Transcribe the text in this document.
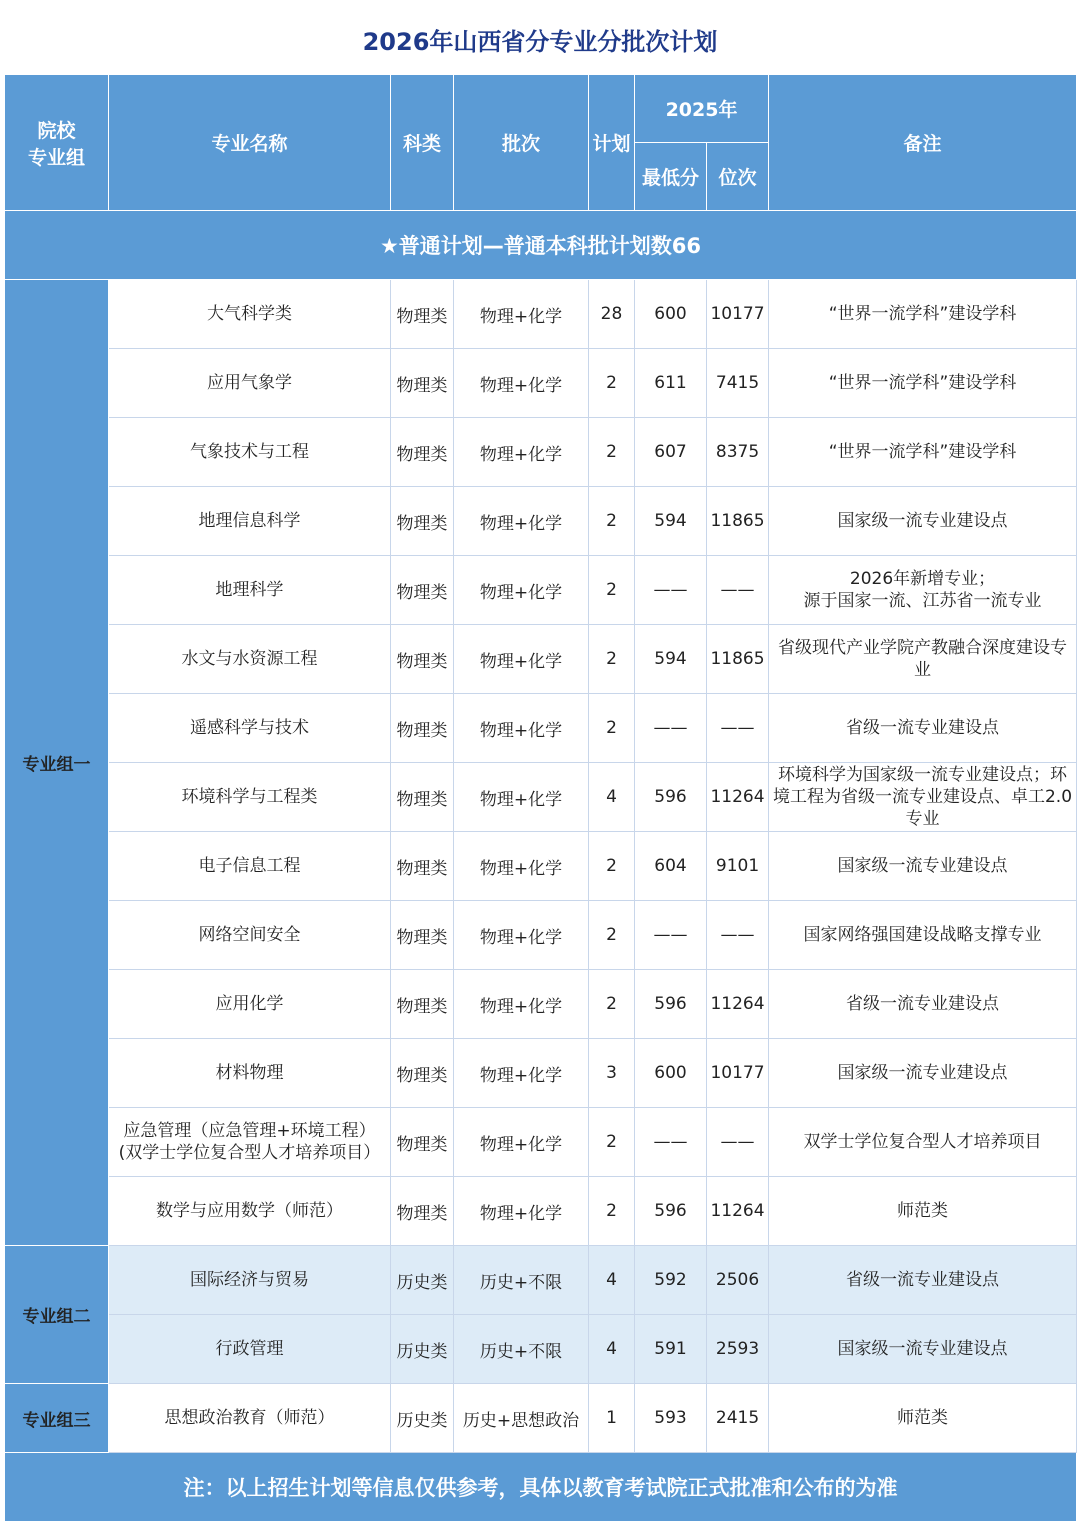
2026年山西省分专业分批次计划
院校
专业组	专业名称	科类	批次	计划	2025年		备注
					最低分	位次	
★普通计划—普通本科批计划数66							
专业组一	大气科学类	物理类	物理+化学	28	600	10177	“世界一流学科”建设学科

	应用气象学	物理类	物理+化学	2	611	7415	“世界一流学科”建设学科

	气象技术与工程	物理类	物理+化学	2	607	8375	“世界一流学科”建设学科

	地理信息科学	物理类	物理+化学	2	594	11865	国家级一流专业建设点

	地理科学	物理类	物理+化学	2	——	——	2026年新增专业；
源于国家一流、江苏省一流专业

	水文与水资源工程	物理类	物理+化学	2	594	11865	省级现代产业学院产教融合深度建设专
业

	遥感科学与技术	物理类	物理+化学	2	——	——	省级一流专业建设点

	环境科学与工程类	物理类	物理+化学	4	596	11264	环境科学为国家级一流专业建设点；环
境工程为省级一流专业建设点、卓工2.0
专业

	电子信息工程	物理类	物理+化学	2	604	9101	国家级一流专业建设点

	网络空间安全	物理类	物理+化学	2	——	——	国家网络强国建设战略支撑专业

	应用化学	物理类	物理+化学	2	596	11264	省级一流专业建设点

	材料物理	物理类	物理+化学	3	600	10177	国家级一流专业建设点

	应急管理（应急管理+环境工程）
(双学士学位复合型人才培养项目）	物理类	物理+化学	2	——	——	双学士学位复合型人才培养项目

	数学与应用数学（师范）	物理类	物理+化学	2	596	11264	师范类

专业组二	国际经济与贸易	历史类	历史+不限	4	592	2506	省级一流专业建设点

	行政管理	历史类	历史+不限	4	591	2593	国家级一流专业建设点

专业组三	思想政治教育（师范）	历史类	历史+思想政治	1	593	2415	师范类

注：以上招生计划等信息仅供参考，具体以教育考试院正式批准和公布的为准							
